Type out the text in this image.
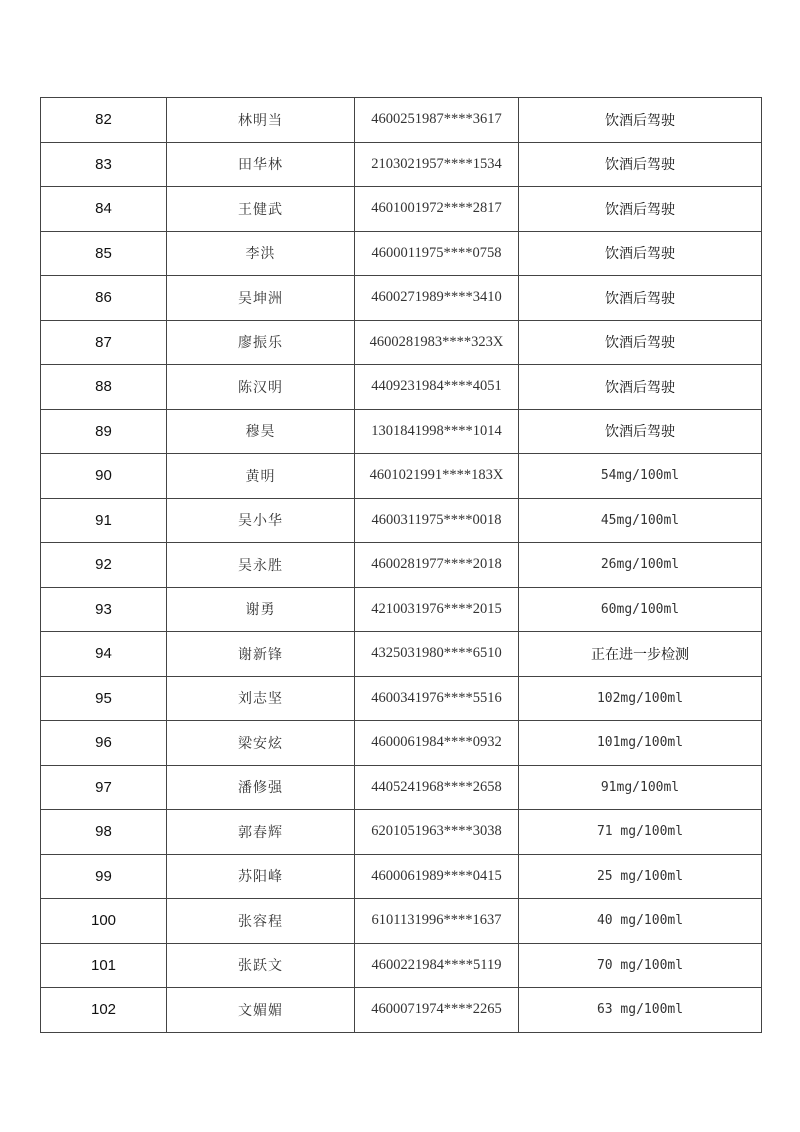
82	林明当	4600251987****3617	饮酒后驾驶
83	田华林	2103021957****1534	饮酒后驾驶
84	王健武	4601001972****2817	饮酒后驾驶
85	李洪	4600011975****0758	饮酒后驾驶
86	吴坤洲	4600271989****3410	饮酒后驾驶
87	廖振乐	4600281983****323X	饮酒后驾驶
88	陈汉明	4409231984****4051	饮酒后驾驶
89	穆昊	1301841998****1014	饮酒后驾驶
90	黄明	4601021991****183X	54mg/100ml
91	吴小华	4600311975****0018	45mg/100ml
92	吴永胜	4600281977****2018	26mg/100ml
93	谢勇	4210031976****2015	60mg/100ml
94	谢新锋	4325031980****6510	正在进一步检测
95	刘志坚	4600341976****5516	102mg/100ml
96	梁安炫	4600061984****0932	101mg/100ml
97	潘修强	4405241968****2658	91mg/100ml
98	郭春辉	6201051963****3038	71 mg/100ml
99	苏阳峰	4600061989****0415	25 mg/100ml
100	张容程	6101131996****1637	40 mg/100ml
101	张跃文	4600221984****5119	70 mg/100ml
102	文媚媚	4600071974****2265	63 mg/100ml
